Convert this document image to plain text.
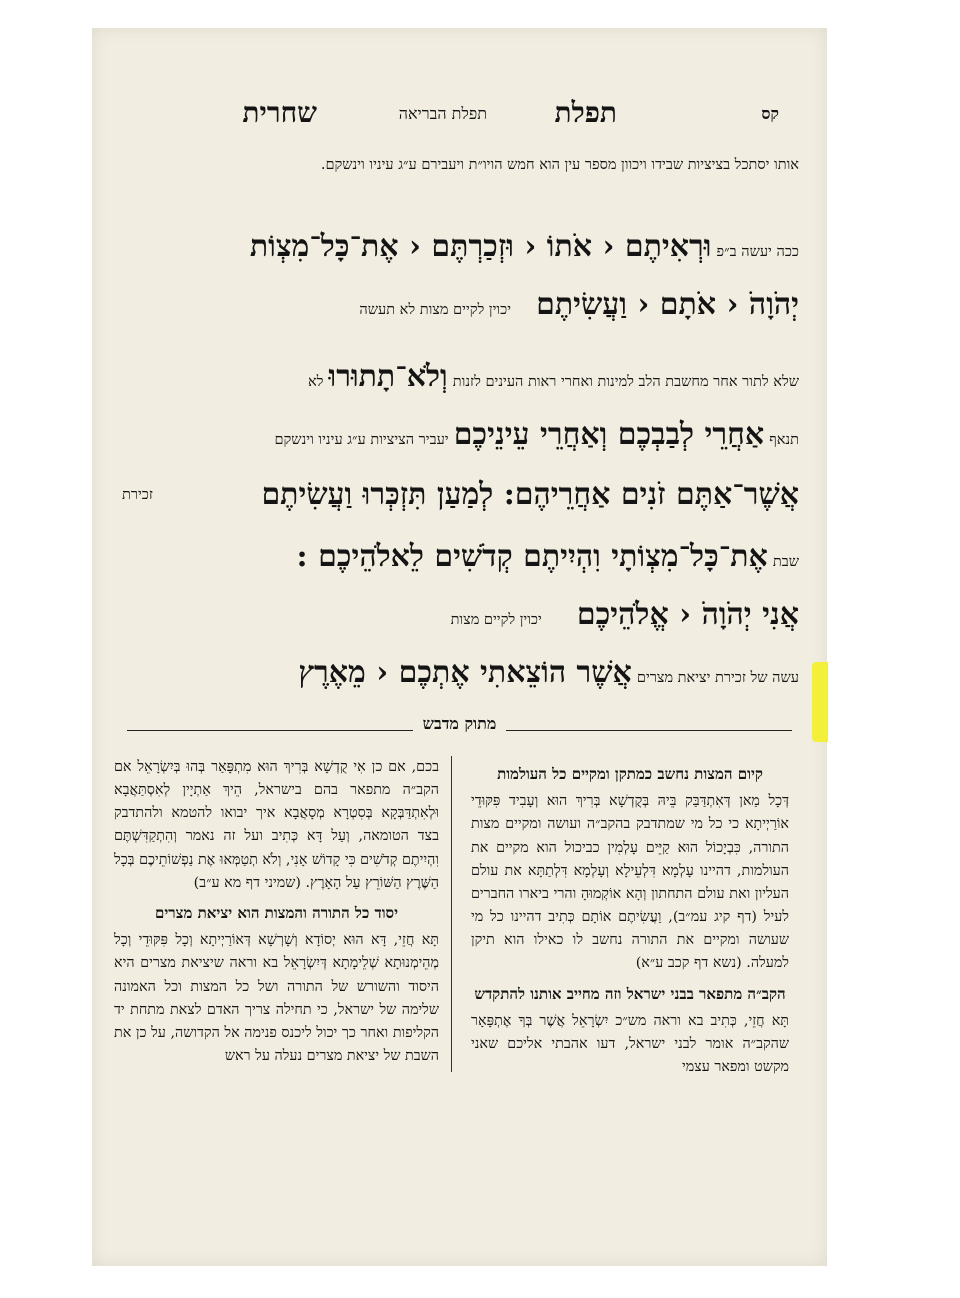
קס
תפלת
תפלת הבריאה
שחרית
אותו יסתכל בציציות שבידו ויכוון מספר עין הוא חמש הויו״ת ויעבירם ע״ג עיניו וינשקם.
ככה יעשה ב״פ וּרְאִיתֶם ‹ אֹתוֹ ‹ וּזְכַרְתֶּם ‹ אֶת־כָּל־מִצְוֹת
יְהֹוָהֹ ‹ אֹתָם ‹ וַעֲשִׂיתֶם יכוין לקיים מצות לא תעשה
שלא לתור אחר מחשבת הלב למינות ואחרי ראות העינים לזנות וְלֹא־תָתוּרוּ לא
תנאף אַחֲרֵי לְבַבְכֶם וְאַחֲרֵי עֵינֵיכֶם יעביר הציציות ע״ג עיניו וינשקם
אֲשֶׁר־אַתֶּם זֹנִים אַחֲרֵיהֶם: לְמַעַן תִּזְכְּרוּ וַעֲשִׂיתֶם
זכירת
שבת אֶת־כָּל־מִצְוֹתָי וִהְיִיתֶם קְדֹשִׁים לֵאלֹהֵיכֶם :
אֲנִי יְהֹוָהֹ ‹ אֱלֹהֵיכֶם יכוין לקיים מצות
עשה של זכירת יציאת מצרים אֲשֶׁר הוֹצֵאתִי אֶתְכֶם ‹ מֵאֶרֶץ
מתוק מדבש
קיום המצות נחשב כמתקן ומקיים כל העולמות

דְּכָל מַאן דְּאִתְדַּבַּק בֵּיהּ בְּקֻדְשָׁא בְּרִיךְ הוּא וְעָבִיד פִּקּוּדֵי אוֹרַיְיתָא כי כל מי שמתדבק בהקב״ה ועושה ומקיים מצות התורה, כִּבְיָכוֹל הוּא קַיֵּים עָלְמִין כביכול הוא מקיים את העולמות, דהיינו עָלְמָא דִּלְעֵילָא וְעָלְמָא דִּלְתַתָּא את עולם העליון ואת עולם התחתון וְהָא אוֹקְמוּהָ והרי ביארו החברים לעיל (דף קיג עמ״ב), וַעֲשִׂיתֶם אוֹתָם כְּתִיב דהיינו כל מי שעושה ומקיים את התורה נחשב לו כאילו הוא תיקן למעלה. (נשא דף קכב ע״א)

הקב״ה מתפאר בבני ישראל וזה מחייב אותנו להתקדש

תָּא חֲזֵי, כְּתִיב בא וראה מש״כ יִשְׂרָאֵל אֲשֶׁר בְּךָ אֶתְפָּאָר שהקב״ה אומר לבני ישראל, דעו אהבתי אליכם שאני מקשט ומפאר עצמי

בכם, אם כן אִי קֻדְשָׁא בְּרִיךְ הוּא מִתְפָּאַר בְּהוּ בְּיִשְׂרָאֵל אם הקב״ה מתפאר בהם בישראל, הֵיךְ אַתְיָין לְאִסְתַּאֲבָא וּלְאִתְדַּבְּקָא בְּסִטְרָא מְסָאֲבָא איך יבואו להטמא ולהתדבק בצד הטומאה, וְעַל דָּא כְּתִיב ועל זה נאמר וְהִתְקַדִּשְׁתֶּם וִהְיִיתֶם קְדֹשִׁים כִּי קָדוֹשׁ אָנִי, וְלֹא תְטַמְּאוּ אֶת נַפְשׁוֹתֵיכֶם בְּכָל הַשֶּׁרֶץ הַשּׁוֹרֵץ עַל הָאָרֶץ. (שמיני דף מא ע״ב)

יסוד כל התורה והמצות הוא יציאת מצרים

תָּא חֲזֵי, דָּא הוּא יְסוֹדָא וְשָׁרְשָׁא דְּאוֹרַיְיתָא וְכָל פִּקּוּדֵי וְכָל מְהֵימְנוּתָא שְׁלֵימָתָא דְּיִשְׂרָאֵל בא וראה שיציאת מצרים היא היסוד והשורש של התורה ושל כל המצות וכל האמונה שלימה של ישראל, כי תחילה צריך האדם לצאת מתחת יד הקליפות ואחר כך יכול ליכנס פנימה אל הקדושה, על כן את השבת של יציאת מצרים נעלה על ראש
